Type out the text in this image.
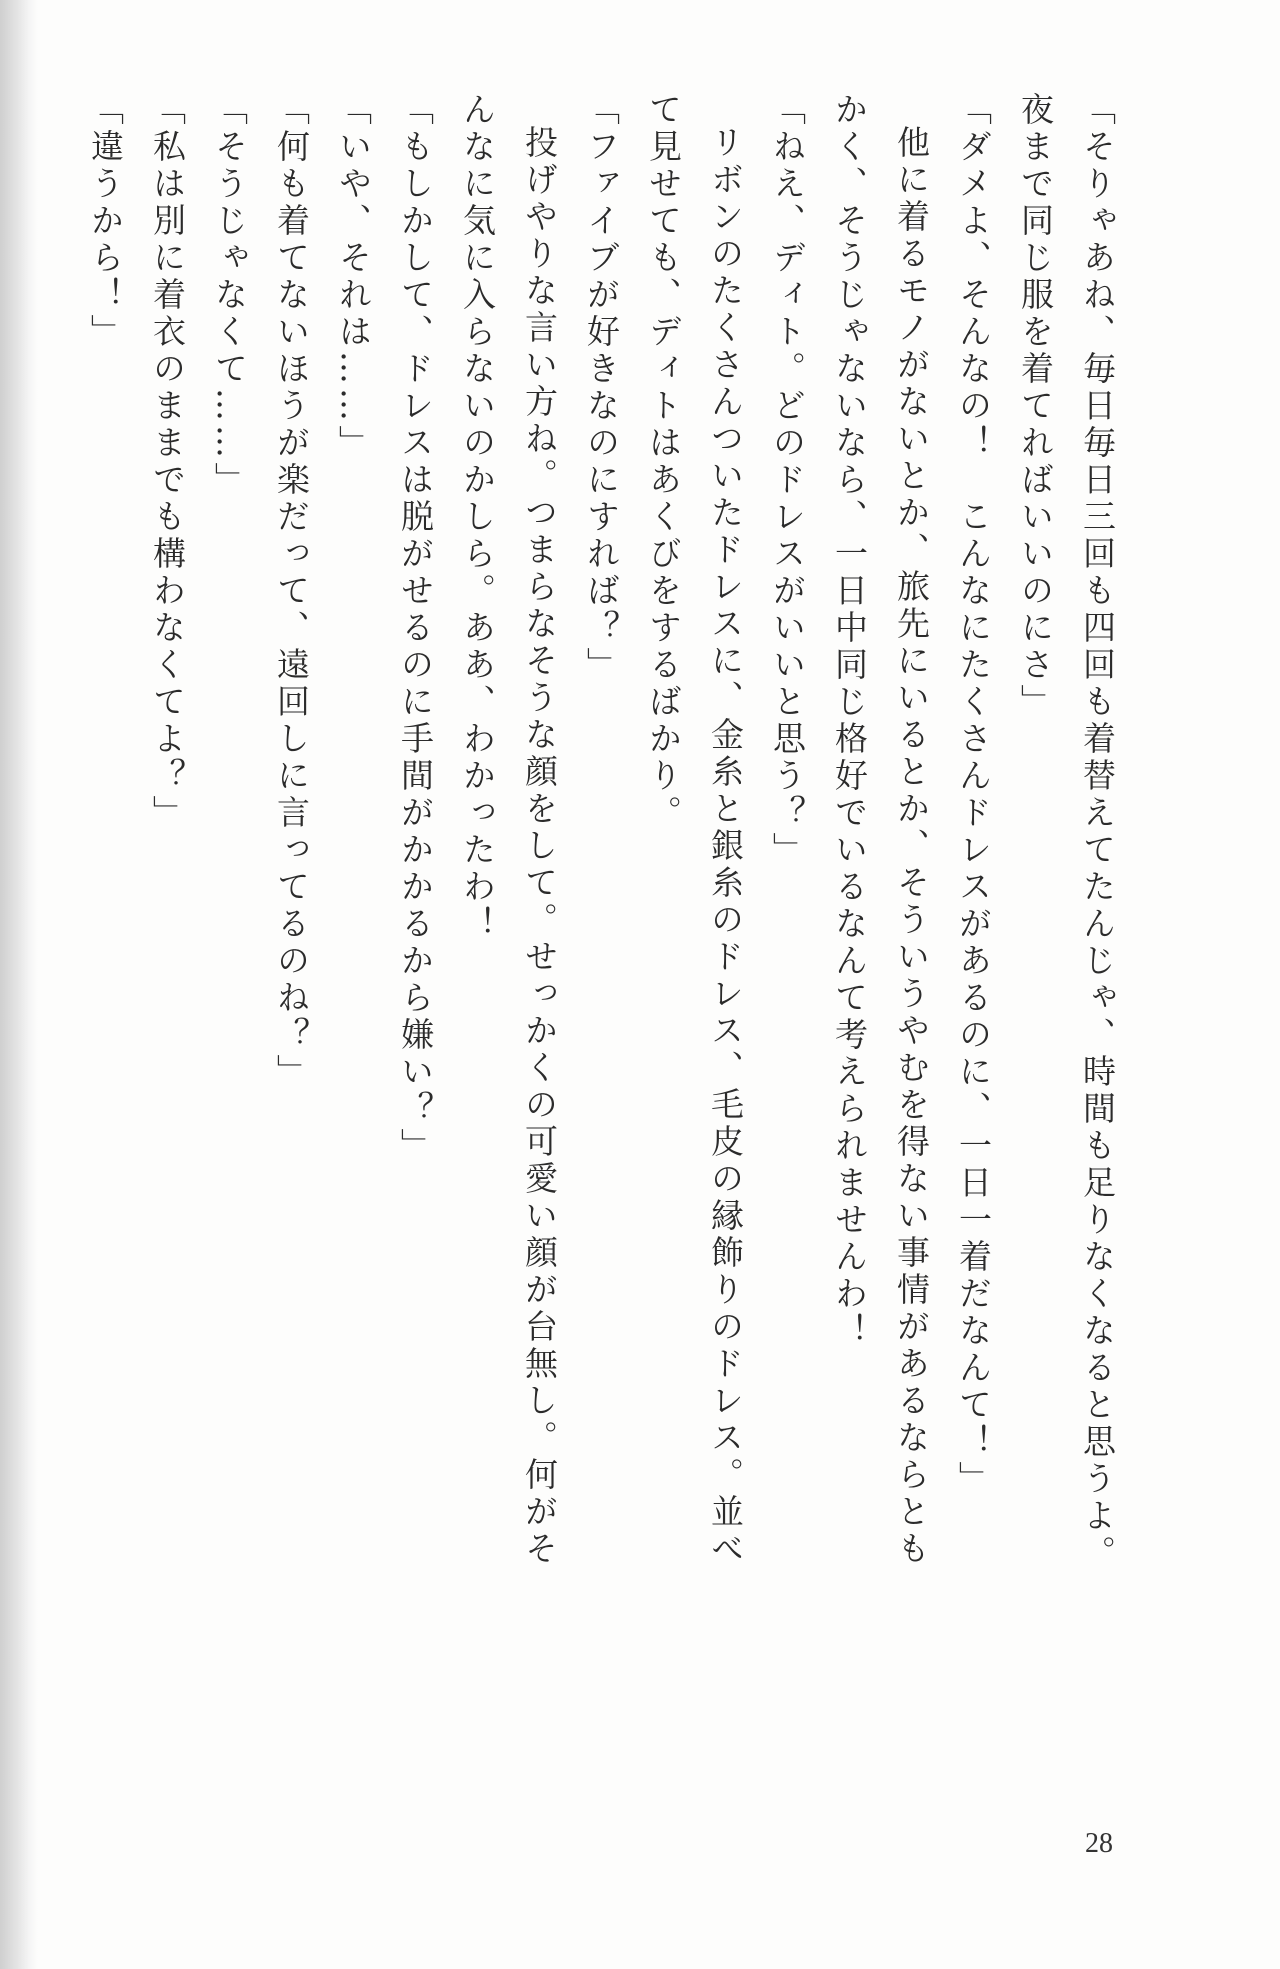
「そりゃあね、毎日毎日三回も四回も着替えてたんじゃ、時間も足りなくなると思うよ。
夜まで同じ服を着てればいいのにさ」
「ダメよ、そんなの！　こんなにたくさんドレスがあるのに、一日一着だなんて！」
他に着るモノがないとか、旅先にいるとか、そういうやむを得ない事情があるならとも
かく、そうじゃないなら、一日中同じ格好でいるなんて考えられませんわ！
「ねえ、ディト。どのドレスがいいと思う？」
リボンのたくさんついたドレスに、金糸と銀糸のドレス、毛皮の縁飾りのドレス。並べ
て見せても、ディトはあくびをするばかり。
「ファイブが好きなのにすれば？」
投げやりな言い方ね。つまらなそうな顔をして。せっかくの可愛い顔が台無し。何がそ
んなに気に入らないのかしら。ああ、わかったわ！
「もしかして、ドレスは脱がせるのに手間がかかるから嫌い？」
「いや、それは……」
「何も着てないほうが楽だって、遠回しに言ってるのね？」
「そうじゃなくて……」
「私は別に着衣のままでも構わなくてよ？」
「違うから！」
28
